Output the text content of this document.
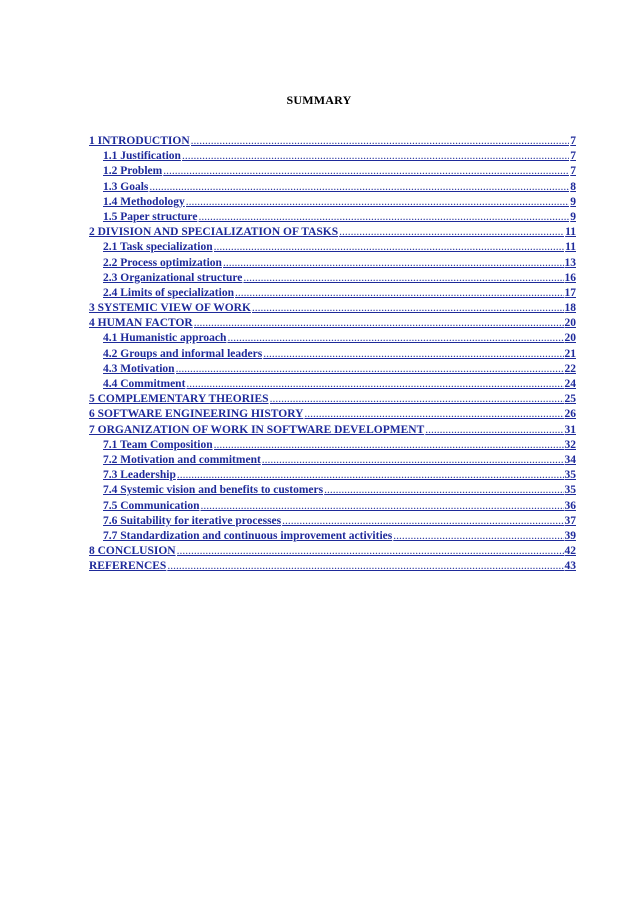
SUMMARY
1 INTRODUCTION .....	7
1.1 Justification .....	7
1.2 Problem .....	7
1.3 Goals .....	8
1.4 Methodology .....	9
1.5 Paper structure .....	9
2 DIVISION AND SPECIALIZATION OF TASKS .....	11
2.1 Task specialization .....	11
2.2 Process optimization .....	13
2.3 Organizational structure .....	16
2.4 Limits of specialization .....	17
3 SYSTEMIC VIEW OF WORK .....	18
4 HUMAN FACTOR .....	20
4.1 Humanistic approach .....	20
4.2 Groups and informal leaders .....	21
4.3 Motivation .....	22
4.4 Commitment .....	24
5 COMPLEMENTARY THEORIES .....	25
6 SOFTWARE ENGINEERING HISTORY .....	26
7 ORGANIZATION OF WORK IN SOFTWARE DEVELOPMENT .....	31
7.1 Team Composition .....	32
7.2 Motivation and commitment .....	34
7.3 Leadership .....	35
7.4 Systemic vision and benefits to customers .....	35
7.5 Communication .....	36
7.6 Suitability for iterative processes .....	37
7.7 Standardization and continuous improvement activities .....	39
8 CONCLUSION .....	42
REFERENCES .....	43
